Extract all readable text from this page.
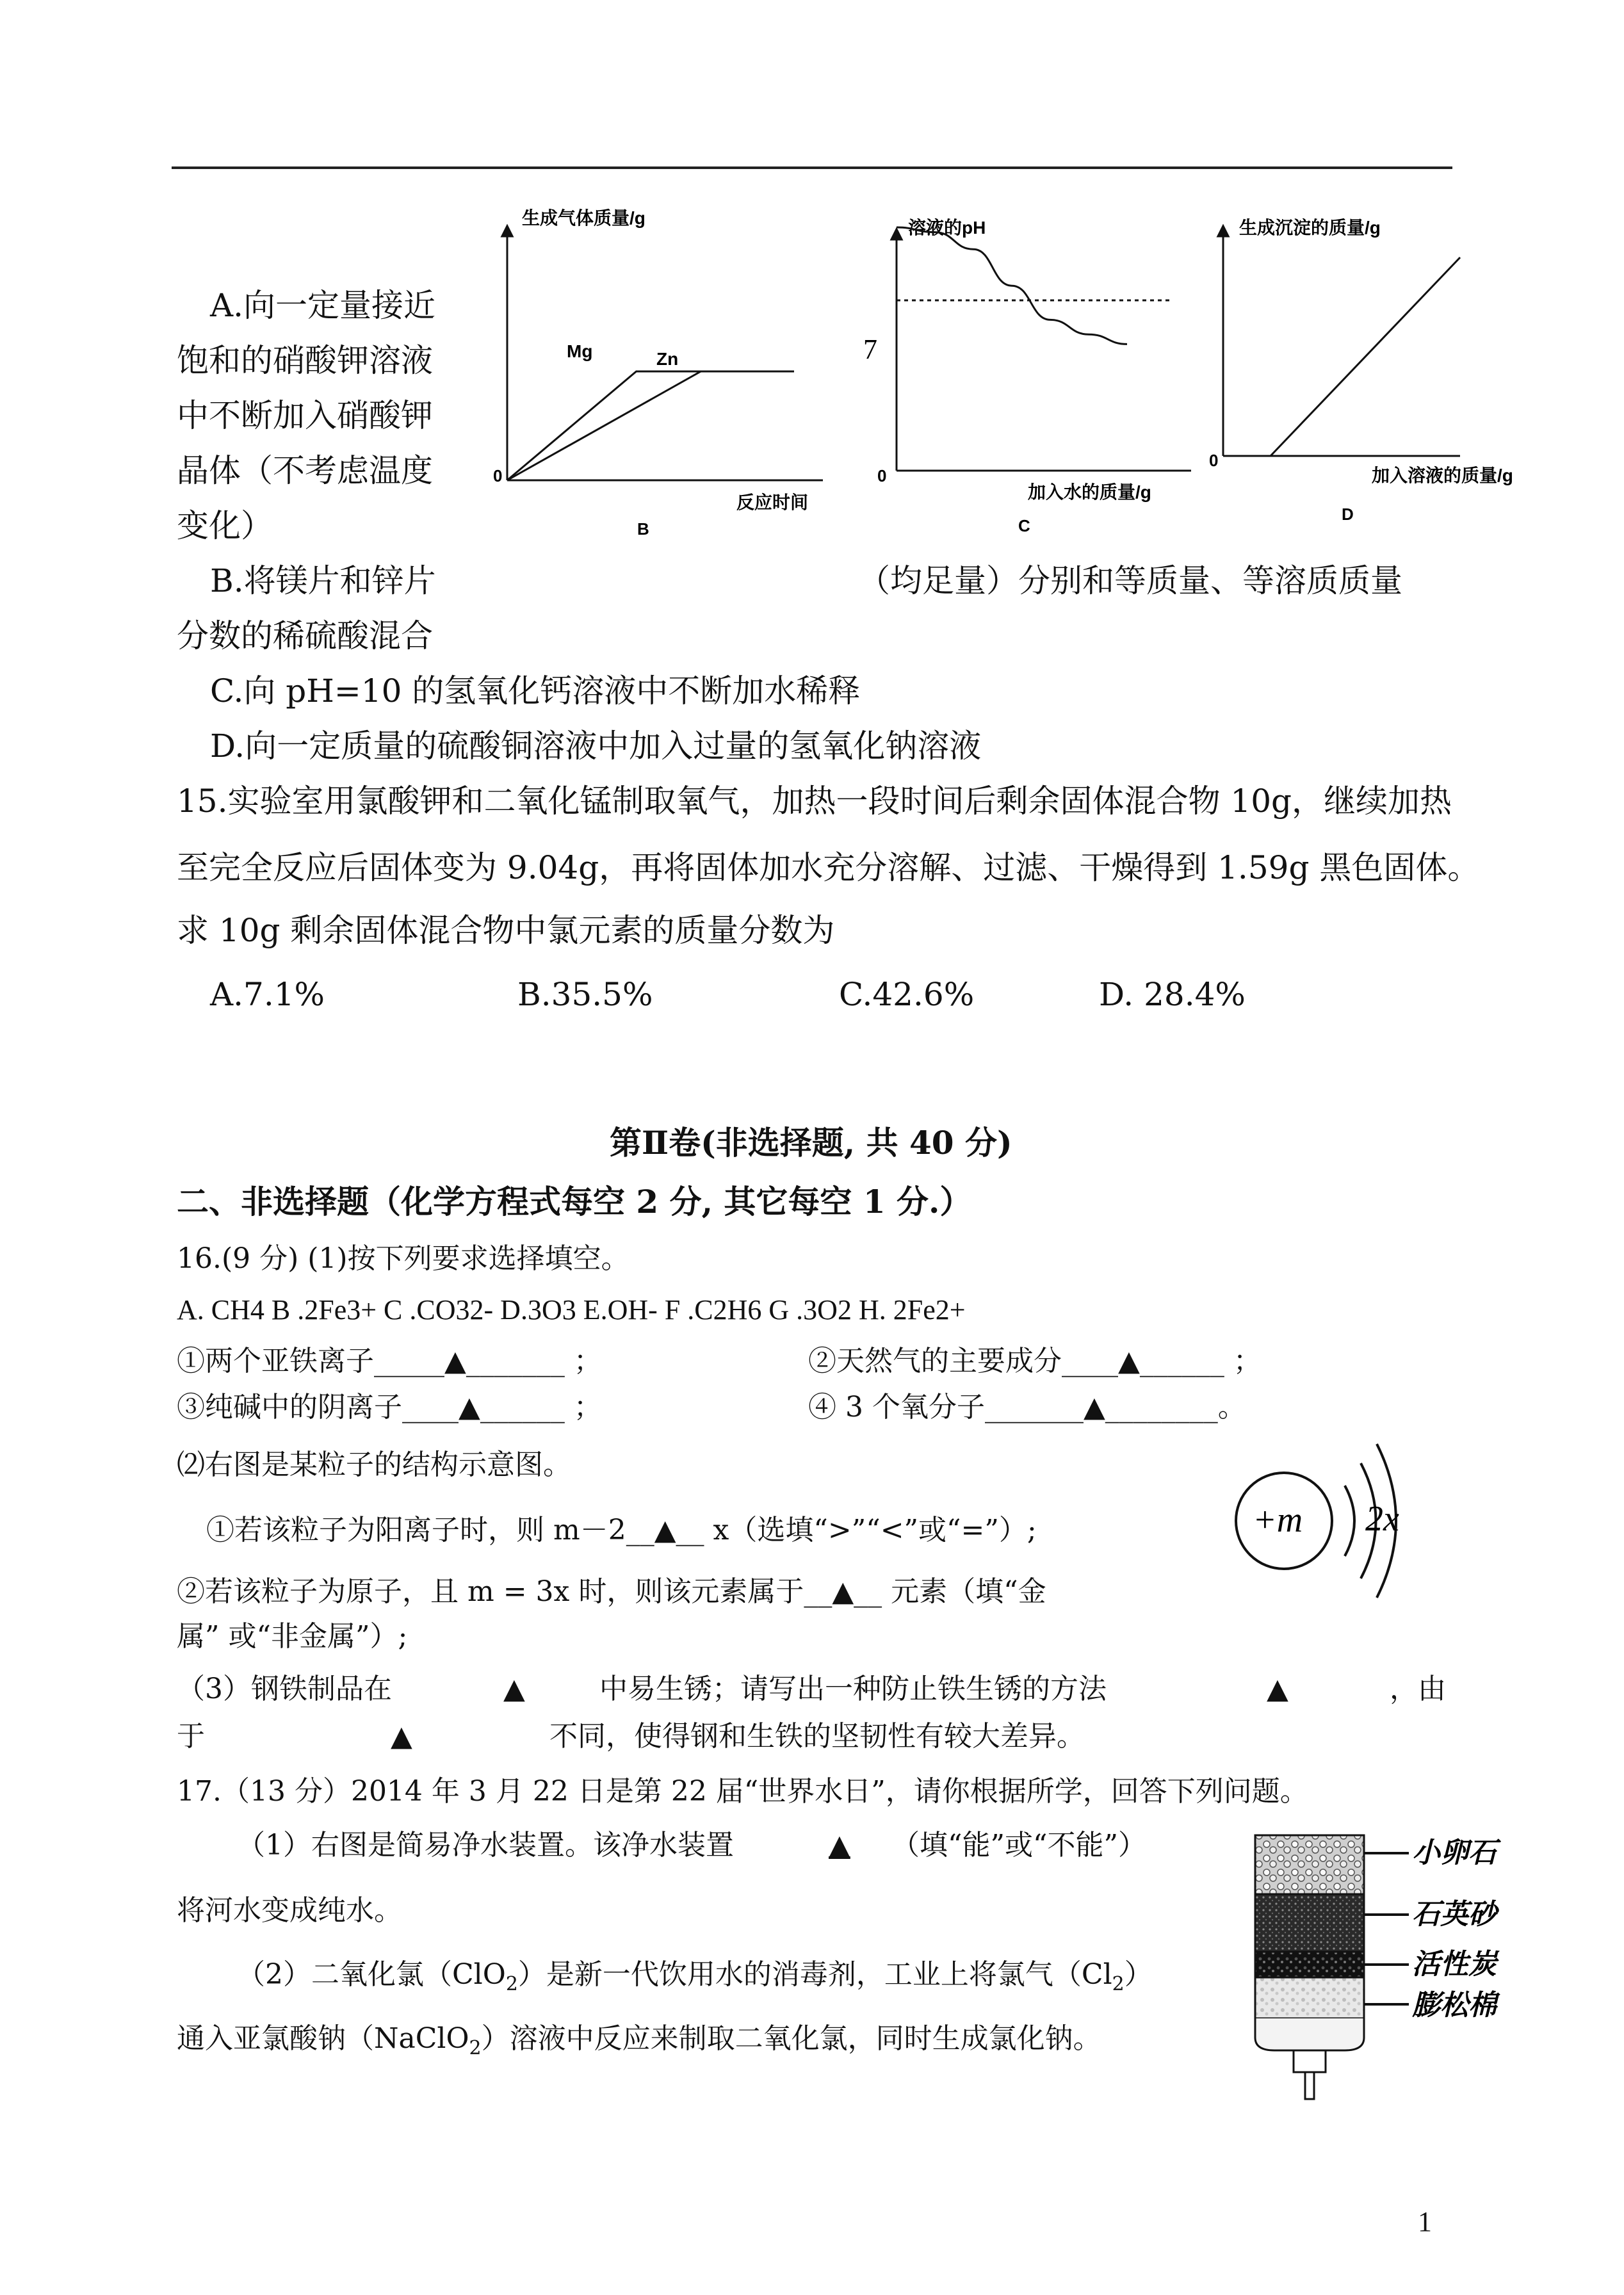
A.向一定量接近
饱和的硝酸钾溶液
中不断加入硝酸钾
晶体（不考虑温度
变化）
生成气体质量/g
0
反应时间
B
Mg	Zn
溶液的pH
0
加入水的质量/g
C
7
生成沉淀的质量/g
0
加入溶液的质量/g
D
B.将镁片和锌片	（均足量）分别和等质量、等溶质质量
分数的稀硫酸混合
C.向 pH=10 的氢氧化钙溶液中不断加水稀释
D.向一定质量的硫酸铜溶液中加入过量的氢氧化钠溶液
15.实验室用氯酸钾和二氧化锰制取氧气，加热一段时间后剩余固体混合物 10g，继续加热
至完全反应后固体变为 9.04g，再将固体加水充分溶解、过滤、干燥得到 1.59g 黑色固体。
求 10g 剩余固体混合物中氯元素的质量分数为
A.7.1%	B.35.5%	C.42.6%	D. 28.4%
第Ⅱ卷(非选择题, 共 40 分)
二、非选择题（化学方程式每空 2 分, 其它每空 1 分.）
16.(9 分) (1)按下列要求选择填空。
A. CH4 B .2Fe3+ C .CO32- D.3O3 E.OH- F .C2H6 G .3O2 H. 2Fe2+
①两个亚铁离子_____▲_______ ；	②天然气的主要成分____▲______ ；
③纯碱中的阴离子____▲______ ；	④ 3 个氧分子_______▲________。
⑵右图是某粒子的结构示意图。
①若该粒子为阳离子时，则 m－2__▲__ x（选填“>”“<”或“=”）;
②若该粒子为原子，且 m = 3x 时，则该元素属于__▲__ 元素（填“金
属” 或“非金属”）;
+m 2x
（3）钢铁制品在	▲	中易生锈；请写出一种防止铁生锈的方法	▲	，由
于	▲	不同，使得钢和生铁的坚韧性有较大差异。
17.（13 分）2014 年 3 月 22 日是第 22 届“世界水日”，请你根据所学，回答下列问题。
（1）右图是简易净水装置。该净水装置	▲ （填“能”或“不能”）
将河水变成纯水。
（2）二氧化氯（ClO$_2$）是新一代饮用水的消毒剂，工业上将氯气$(Cl_2)$
通入亚氯酸钠（NaClO$_2$）溶液中反应来制取二氧化氯，同时生成氯化钠。
小卵石
石英砂
活性炭
膨松棉
1
